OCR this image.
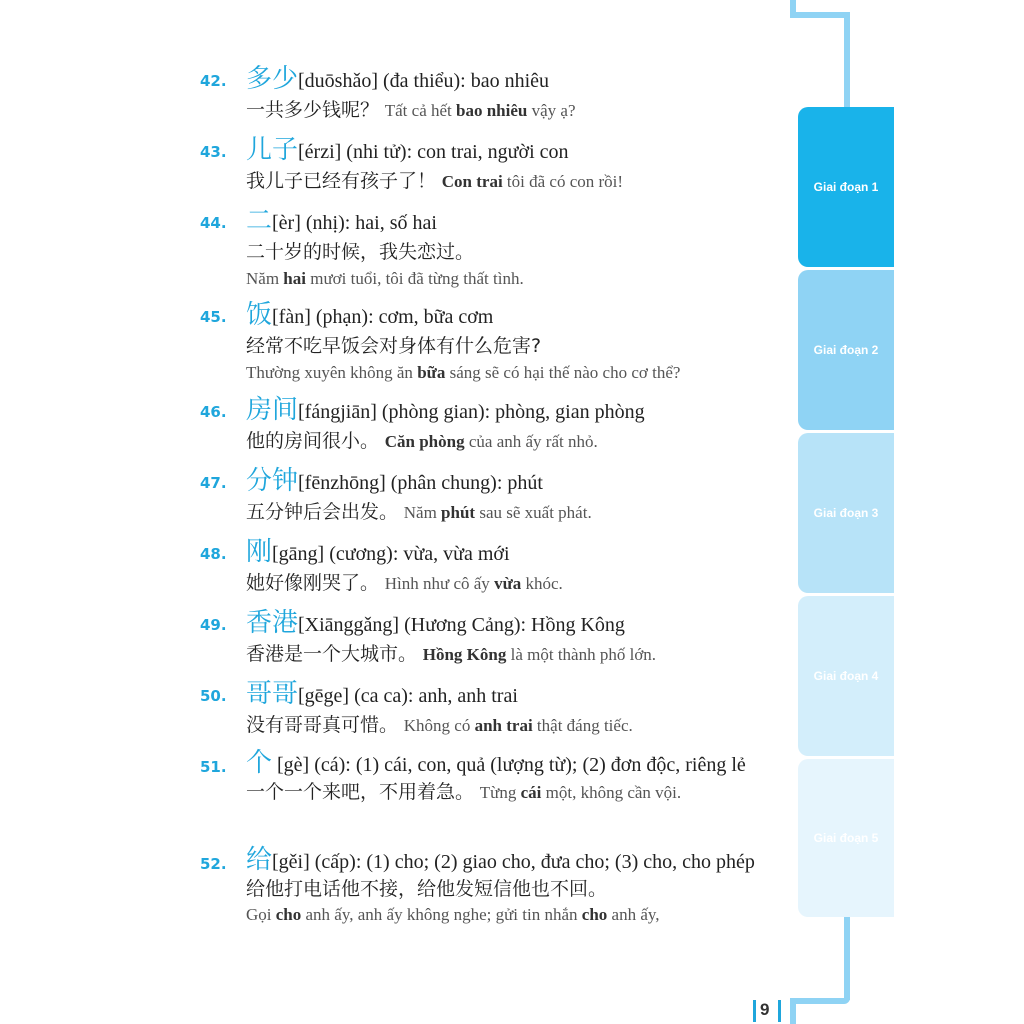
Giai đoạn 1
Giai đoạn 2
Giai đoạn 3
Giai đoạn 4
Giai đoạn 5
42. 多少[duōshǎo] (đa thiểu): bao nhiêu
一共多少钱呢？ Tất cả hết bao nhiêu vậy ạ?
43. 儿子[érzi] (nhi tử): con trai, người con
我儿子已经有孩子了！ Con trai tôi đã có con rồi!
44. 二[èr] (nhị): hai, số hai
二十岁的时候，我失恋过。
Năm hai mươi tuổi, tôi đã từng thất tình.
45. 饭[fàn] (phạn): cơm, bữa cơm
经常不吃早饭会对身体有什么危害?
Thường xuyên không ăn bữa sáng sẽ có hại thế nào cho cơ thể?
46. 房间[fángjiān] (phòng gian): phòng, gian phòng
他的房间很小。 Căn phòng của anh ấy rất nhỏ.
47. 分钟[fēnzhōng] (phân chung): phút
五分钟后会出发。 Năm phút sau sẽ xuất phát.
48. 刚[gāng] (cương): vừa, vừa mới
她好像刚哭了。 Hình như cô ấy vừa khóc.
49. 香港[Xiānggǎng] (Hương Cảng): Hồng Kông
香港是一个大城市。 Hồng Kông là một thành phố lớn.
50. 哥哥[gēge] (ca ca): anh, anh trai
没有哥哥真可惜。 Không có anh trai thật đáng tiếc.
51. 个 [gè] (cá): (1) cái, con, quả (lượng từ); (2) đơn độc, riêng lẻ
一个一个来吧，不用着急。 Từng cái một, không cần vội.
52. 给[gěi] (cấp): (1) cho; (2) giao cho, đưa cho; (3) cho, cho phép
给他打电话他不接，给他发短信他也不回。
Gọi cho anh ấy, anh ấy không nghe; gửi tin nhắn cho anh ấy,
9
